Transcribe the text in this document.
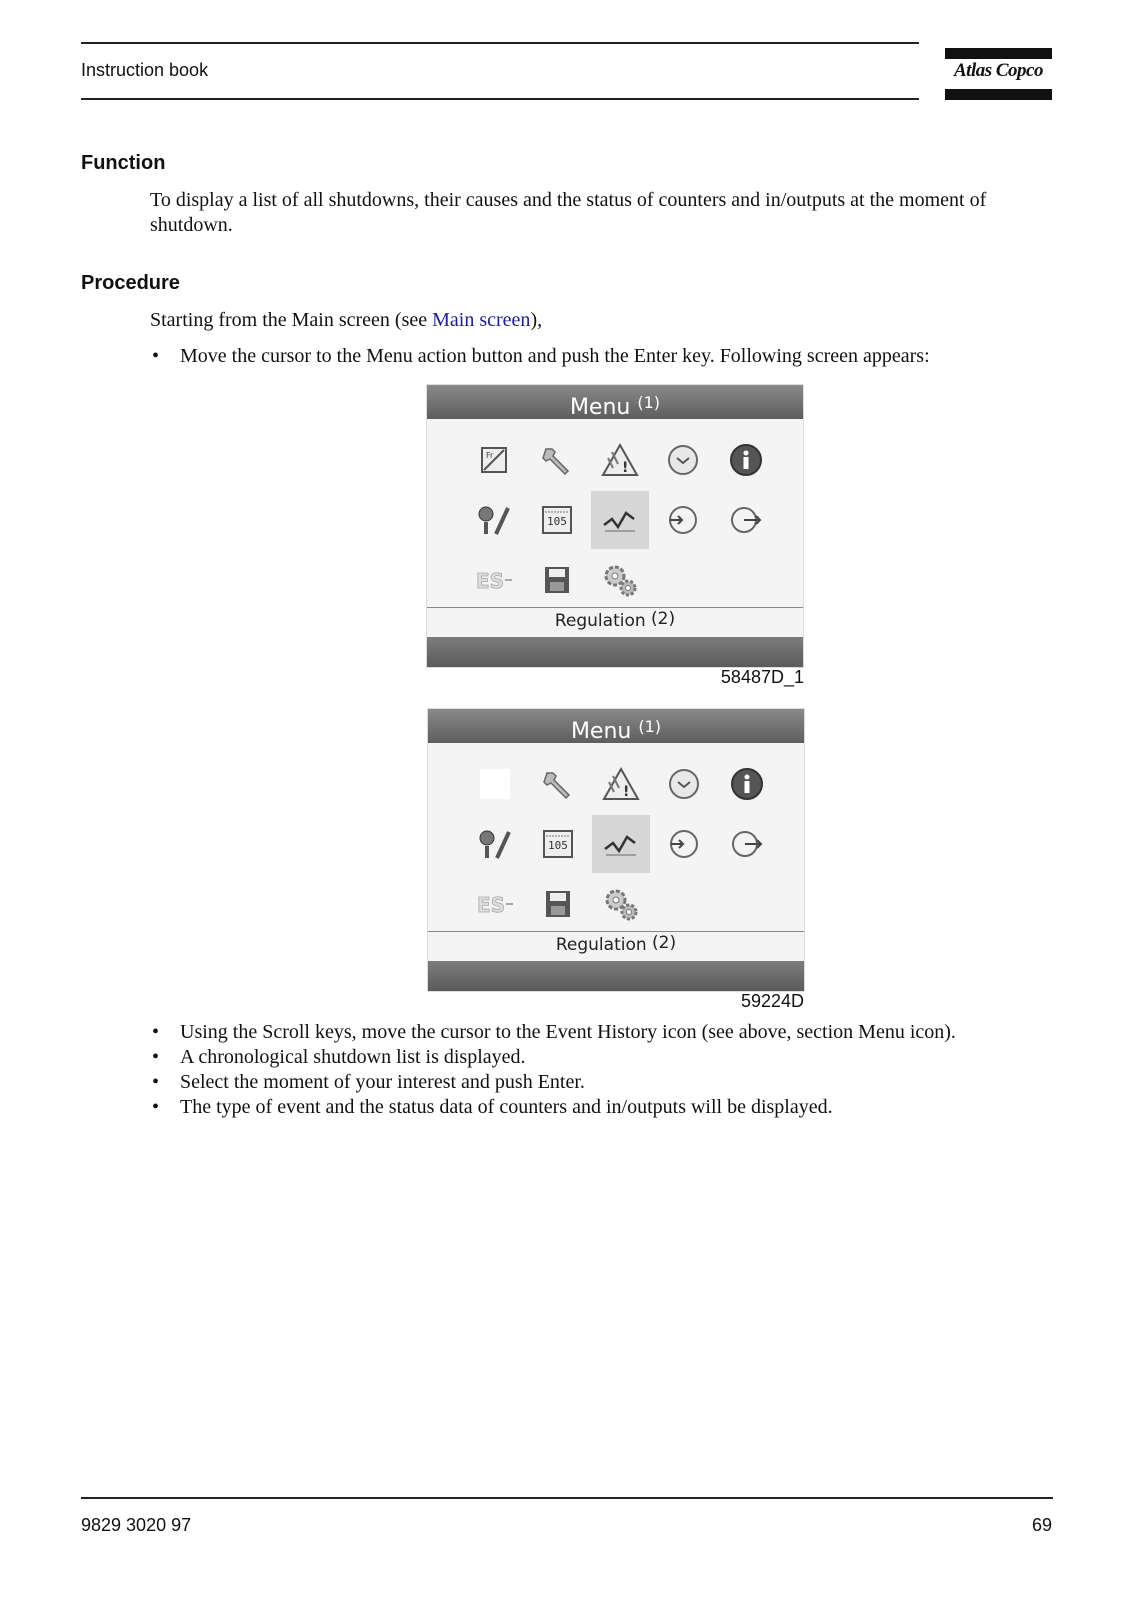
Instruction book	Atlas Copco
Function
To display a list of all shutdowns, their causes and the status of counters and in/outputs at the moment of shutdown.
Procedure
Starting from the Main screen (see Main screen),
• Move the cursor to the Menu action button and push the Enter key. Following screen appears:
Menu $^{(1)}$
Fr
!
105
ES
Regulation $^{(2)}$
58487D_1
Menu $^{(1)}$
!
105
ES
Regulation $^{(2)}$
59224D
• Using the Scroll keys, move the cursor to the Event History icon (see above, section Menu icon).
• A chronological shutdown list is displayed.
• Select the moment of your interest and push Enter.
• The type of event and the status data of counters and in/outputs will be displayed.
9829 3020 97	69
